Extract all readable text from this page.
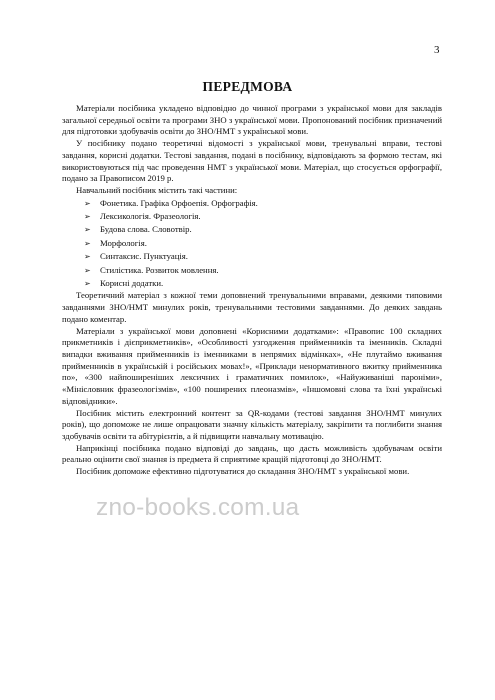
3
ПЕРЕДМОВА

Матеріали посібника укладено відповідно до чинної програми з української мови для закладів загальної середньої освіти та програми ЗНО з української мови. Пропонований посібник призначений для підготовки здобувачів освіти до ЗНО/НМТ з української мови.

У посібнику подано теоретичні відомості з української мови, тренувальні вправи, тестові завдання, корисні додатки. Тестові завдання, подані в посібнику, відповідають за формою тестам, які використовуються під час проведення НМТ з української мови. Матеріал, що стосується орфографії, подано за Правописом 2019 р.

Навчальний посібник містить такі частини:

➢ Фонетика. Графіка Орфоепія. Орфографія.
➢ Лексикологія. Фразеологія.
➢ Будова слова. Словотвір.
➢ Морфологія.
➢ Синтаксис. Пунктуація.
➢ Стилістика. Розвиток мовлення.
➢ Корисні додатки.

Теоретичний матеріал з кожної теми доповнений тренувальними вправами, деякими типовими завданнями ЗНО/НМТ минулих років, тренувальними тестовими завданнями. До деяких завдань подано коментар.

Матеріали з української мови доповнені «Корисними додатками»: «Правопис 100 складних прикметників і дієприкметників», «Особливості узгодження прийменників та іменників. Складні випадки вживання прийменників із іменниками в непрямих відмінках», «Не плутаймо вживання прийменників в українській і російських мовах!», «Приклади ненормативного вжитку прийменника по», «300 найпоширеніших лексичних і граматичних помилок», «Найуживаніші пароніми», «Мінісловник фразеологізмів», «100 поширених плеоназмів», «Іншомовні слова та їхні українські відповідники».

Посібник містить електронний контент за QR-кодами (тестові завдання ЗНО/НМТ минулих років), що допоможе не лише опрацювати значну кількість матеріалу, закріпити та поглибити знання здобувачів освіти та абітурієнтів, а й підвищити навчальну мотивацію.

Наприкінці посібника подано відповіді до завдань, що дасть можливість здобувачам освіти реально оцінити свої знання із предмета й сприятиме кращій підготовці до ЗНО/НМТ.

Посібник допоможе ефективно підготуватися до складання ЗНО/НМТ з української мови.

zno-books.com.ua
